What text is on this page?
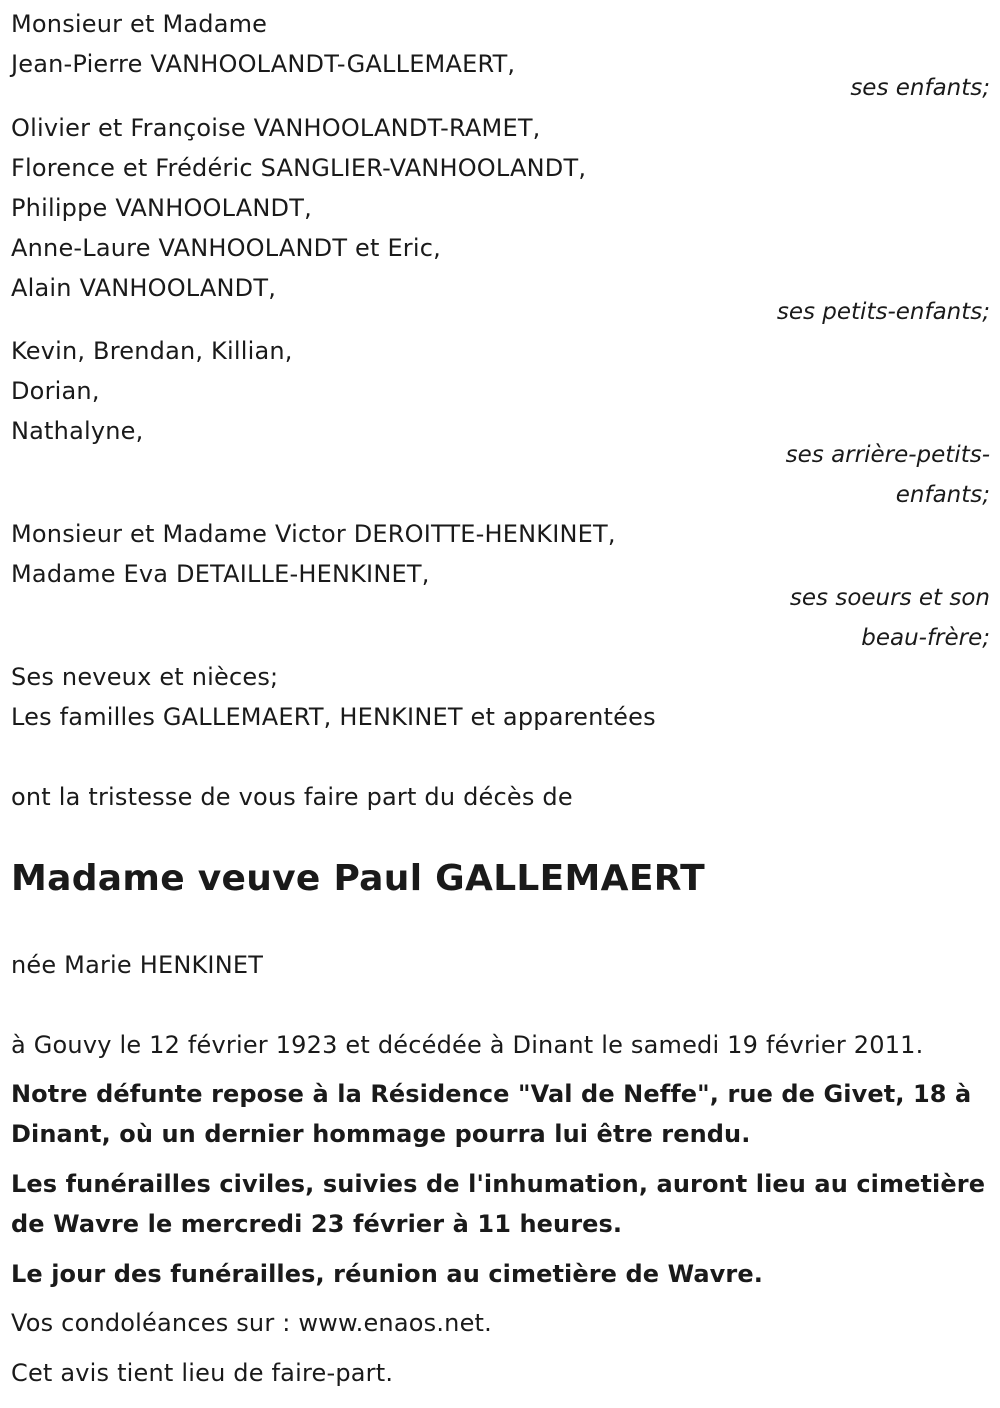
Monsieur et Madame
Jean-Pierre VANHOOLANDT-GALLEMAERT,
ses enfants;
Olivier et Françoise VANHOOLANDT-RAMET,
Florence et Frédéric SANGLIER-VANHOOLANDT,
Philippe VANHOOLANDT,
Anne-Laure VANHOOLANDT et Eric,
Alain VANHOOLANDT,
ses petits-enfants;
Kevin, Brendan, Killian,
Dorian,
Nathalyne,
ses arrière-petits-
enfants;
Monsieur et Madame Victor DEROITTE-HENKINET,
Madame Eva DETAILLE-HENKINET,
ses soeurs et son
beau-frère;
Ses neveux et nièces;
Les familles GALLEMAERT, HENKINET et apparentées
ont la tristesse de vous faire part du décès de
Madame veuve Paul GALLEMAERT
née Marie HENKINET
à Gouvy le 12 février 1923 et décédée à Dinant le samedi 19 février 2011.
Notre défunte repose à la Résidence "Val de Neffe", rue de Givet, 18 à Dinant, où un dernier hommage pourra lui être rendu.
Les funérailles civiles, suivies de l'inhumation, auront lieu au cimetière de Wavre le mercredi 23 février à 11 heures.
Le jour des funérailles, réunion au cimetière de Wavre.
Vos condoléances sur : www.enaos.net.
Cet avis tient lieu de faire-part.
